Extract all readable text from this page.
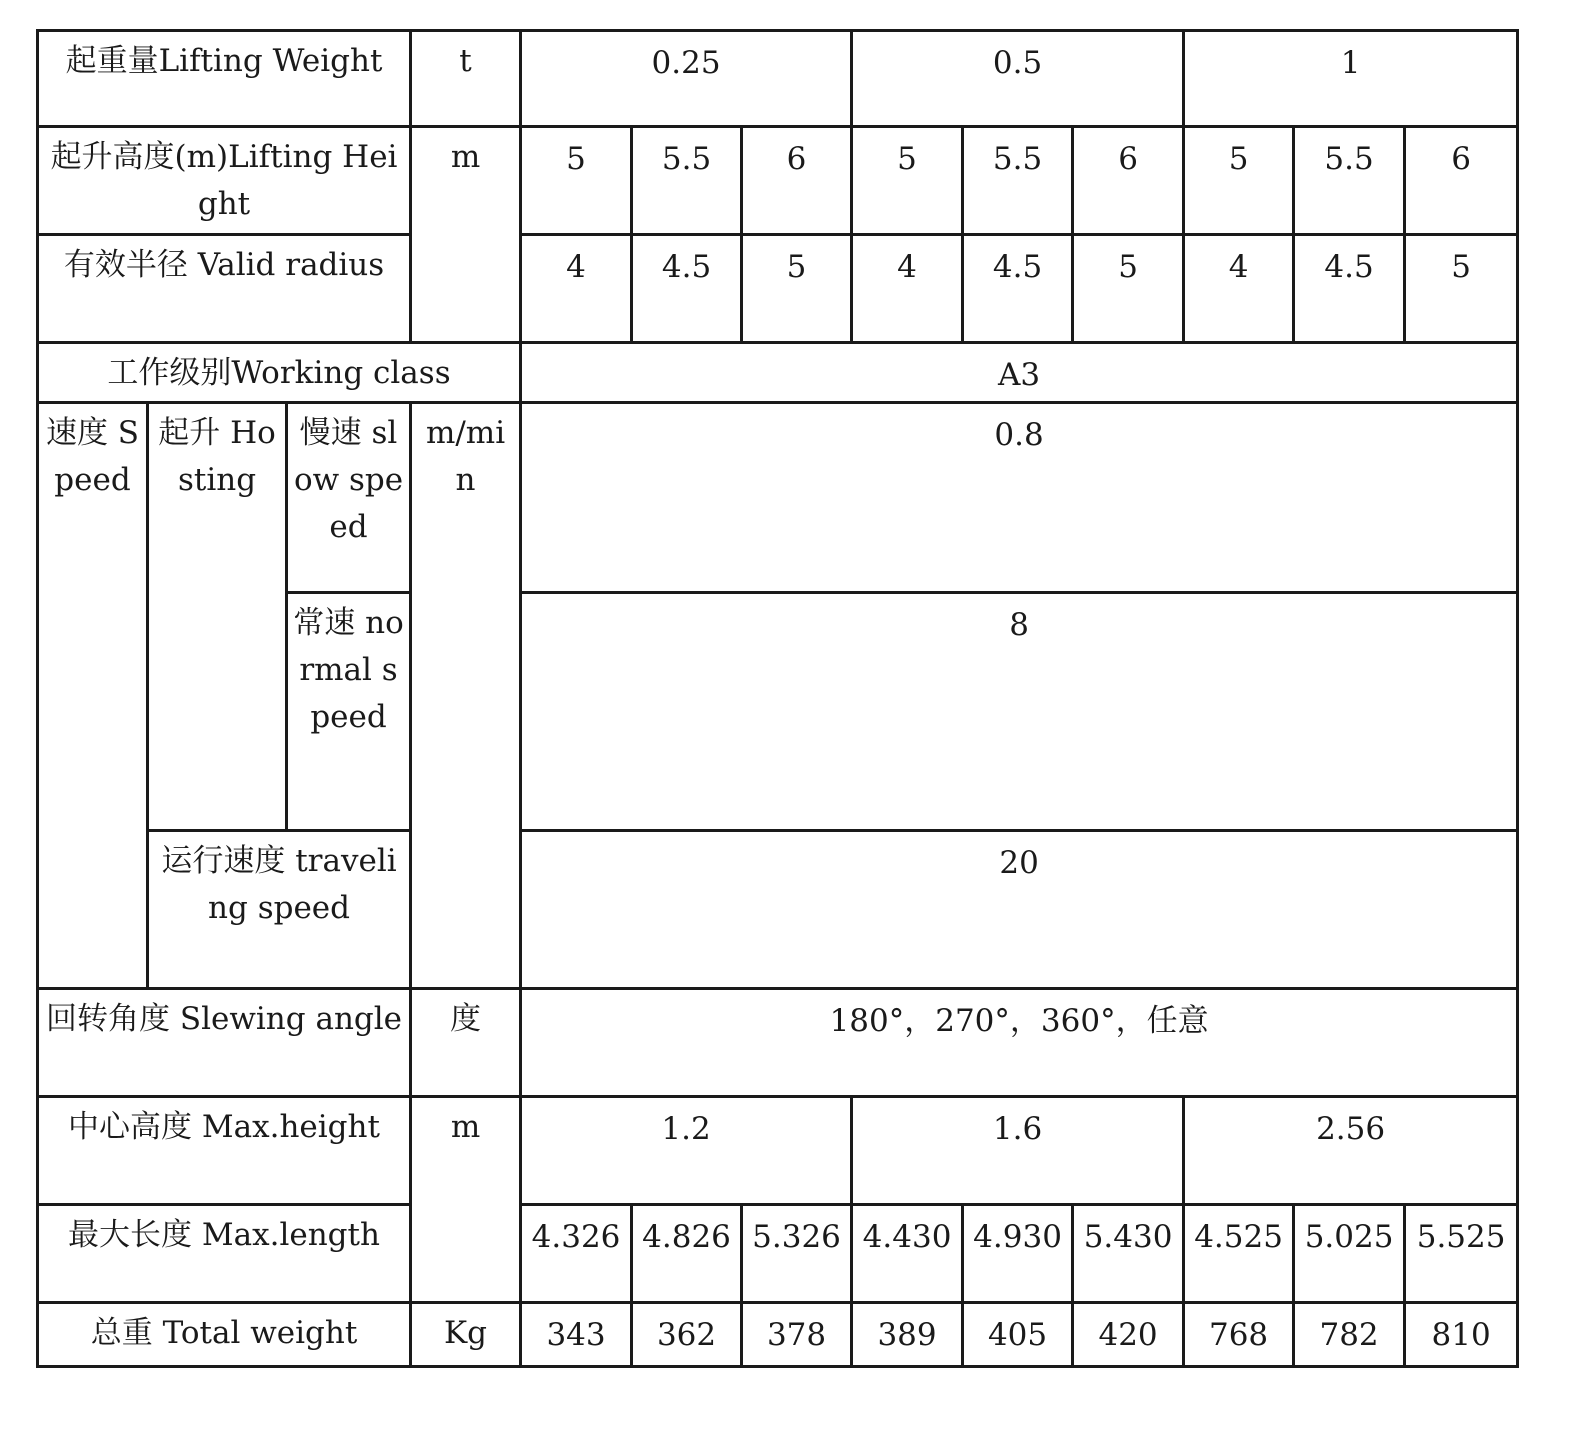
起重量Lifting Weight			t	0.25			0.5			1		
起升高度(m)Lifting Height			m	5	5.5	6	5	5.5	6	5	5.5	6
有效半径 Valid radius				4	4.5	5	4	4.5	5	4	4.5	5
工作级别Working class				A3								
速度 Speed	起升 Hosting	慢速 slow speed	m/min	0.8								
		常速 normal speed		8								
	运行速度 traveling speed			20								
回转角度 Slewing angle			度	180°，270°，360°，任意								
中心高度 Max.height			m	1.2			1.6			2.56		
最大长度 Max.length				4.326	4.826	5.326	4.430	4.930	5.430	4.525	5.025	5.525
总重 Total weight			Kg	343	362	378	389	405	420	768	782	810
